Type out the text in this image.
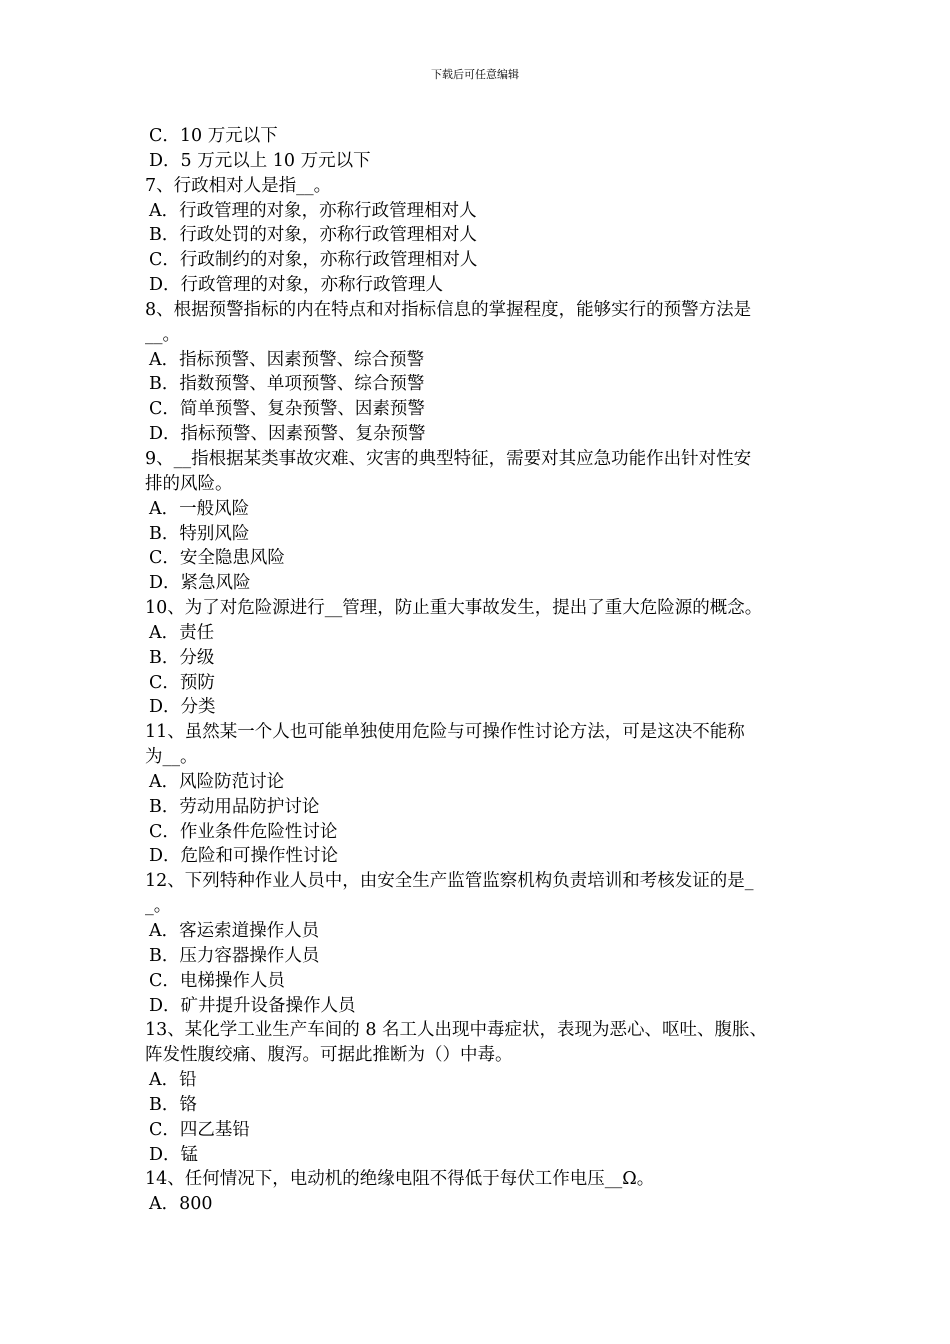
下载后可任意编辑

C．10 万元以下

D．5 万元以上 10 万元以下

7、行政相对人是指__。

A．行政管理的对象，亦称行政管理相对人

B．行政处罚的对象，亦称行政管理相对人

C．行政制约的对象，亦称行政管理相对人

D．行政管理的对象，亦称行政管理人

8、根据预警指标的内在特点和对指标信息的掌握程度，能够实行的预警方法是

__。

A．指标预警、因素预警、综合预警

B．指数预警、单项预警、综合预警

C．简单预警、复杂预警、因素预警

D．指标预警、因素预警、复杂预警

9、__指根据某类事故灾难、灾害的典型特征，需要对其应急功能作出针对性安

排的风险。

A．一般风险

B．特别风险

C．安全隐患风险

D．紧急风险

10、为了对危险源进行__管理，防止重大事故发生，提出了重大危险源的概念。

A．责任

B．分级

C．预防

D．分类

11、虽然某一个人也可能单独使用危险与可操作性讨论方法，可是这决不能称

为__。

A．风险防范讨论

B．劳动用品防护讨论

C．作业条件危险性讨论

D．危险和可操作性讨论

12、下列特种作业人员中，由安全生产监管监察机构负责培训和考核发证的是_

_。

A．客运索道操作人员

B．压力容器操作人员

C．电梯操作人员

D．矿井提升设备操作人员

13、某化学工业生产车间的 8 名工人出现中毒症状，表现为恶心、呕吐、腹胀、

阵发性腹绞痛、腹泻。可据此推断为（）中毒。

A．铅

B．铬

C．四乙基铅

D．锰

14、任何情况下，电动机的绝缘电阻不得低于每伏工作电压__Ω。

A．800
